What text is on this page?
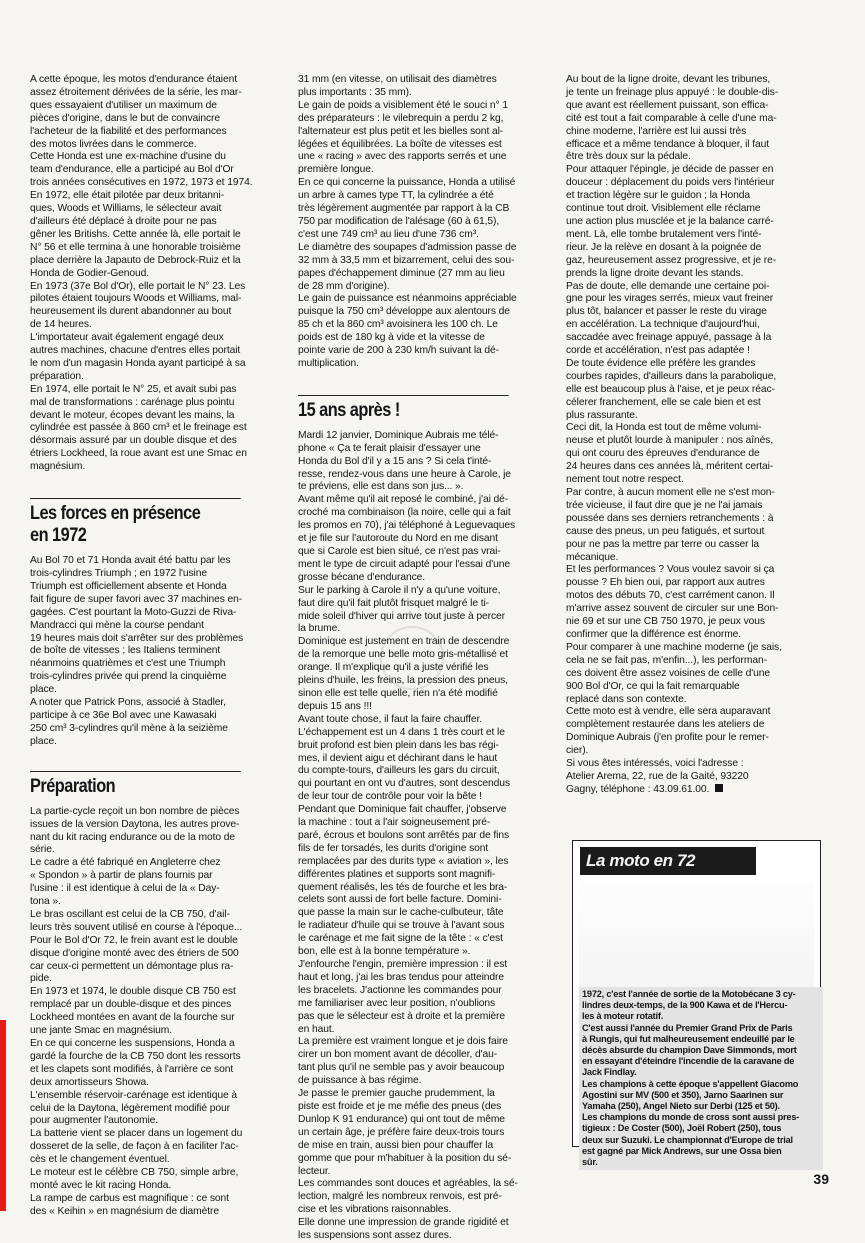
A cette époque, les motos d'endurance étaient
assez étroitement dérivées de la série, les mar-
ques essayaient d'utiliser un maximum de
pièces d'origine, dans le but de convaincre
l'acheteur de la fiabilité et des performances
des motos livrées dans le commerce.

Cette Honda est une ex-machine d'usine du
team d'endurance, elle a participé au Bol d'Or
trois années consécutives en 1972, 1973 et 1974.

En 1972, elle était pilotée par deux britanni-
ques, Woods et Williams, le sélecteur avait
d'ailleurs été déplacé à droite pour ne pas
gêner les Britishs. Cette année là, elle portait le
N° 56 et elle termina à une honorable troisième
place derrière la Japauto de Debrock-Ruiz et la
Honda de Godier-Genoud.

En 1973 (37e Bol d'Or), elle portait le N° 23. Les
pilotes étaient toujours Woods et Williams, mal-
heureusement ils durent abandonner au bout
de 14 heures.

L'importateur avait également engagé deux
autres machines, chacune d'entres elles portait
le nom d'un magasin Honda ayant participé à sa
préparation.

En 1974, elle portait le N° 25, et avait subi pas
mal de transformations : carénage plus pointu
devant le moteur, écopes devant les mains, la
cylindrée est passée à 860 cm³ et le freinage est
désormais assuré par un double disque et des
étriers Lockheed, la roue avant est une Smac en
magnésium.

Les forces en présence
en 1972

Au Bol 70 et 71 Honda avait été battu par les
trois-cylindres Triumph ; en 1972 l'usine
Triumph est officiellement absente et Honda
fait figure de super favori avec 37 machines en-
gagées. C'est pourtant la Moto-Guzzi de Riva-
Mandracci qui mène la course pendant
19 heures mais doit s'arrêter sur des problèmes
de boîte de vitesses ; les Italiens terminent
néanmoins quatrièmes et c'est une Triumph
trois-cylindres privée qui prend la cinquième
place.

A noter que Patrick Pons, associé à Stadler,
participe à ce 36e Bol avec une Kawasaki
250 cm³ 3-cylindres qu'il mène à la seizième
place.

Préparation

La partie-cycle reçoit un bon nombre de pièces
issues de la version Daytona, les autres prove-
nant du kit racing endurance ou de la moto de
série.

Le cadre a été fabriqué en Angleterre chez
« Spondon » à partir de plans fournis par
l'usine : il est identique à celui de la « Day-
tona ».

Le bras oscillant est celui de la CB 750, d'ail-
leurs très souvent utilisé en course à l'époque...

Pour le Bol d'Or 72, le frein avant est le double
disque d'origine monté avec des étriers de 500
car ceux-ci permettent un démontage plus ra-
pide.

En 1973 et 1974, le double disque CB 750 est
remplacé par un double-disque et des pinces
Lockheed montées en avant de la fourche sur
une jante Smac en magnésium.

En ce qui concerne les suspensions, Honda a
gardé la fourche de la CB 750 dont les ressorts
et les clapets sont modifiés, à l'arrière ce sont
deux amortisseurs Showa.

L'ensemble réservoir-carénage est identique à
celui de la Daytona, légèrement modifié pour
pour augmenter l'autonomie.

La batterie vient se placer dans un logement du
dosseret de la selle, de façon à en faciliter l'ac-
cès et le changement éventuel.

Le moteur est le célèbre CB 750, simple arbre,
monté avec le kit racing Honda.

La rampe de carbus est magnifique : ce sont
des « Keihin » en magnésium de diamètre

31 mm (en vitesse, on utilisait des diamètres
plus importants : 35 mm).

Le gain de poids a visiblement été le souci n° 1
des préparateurs : le vilebrequin a perdu 2 kg,
l'alternateur est plus petit et les bielles sont al-
légées et équilibrées. La boîte de vitesses est
une « racing » avec des rapports serrés et une
première longue.

En ce qui concerne la puissance, Honda a utilisé
un arbre à cames type TT, la cylindrée a été
très légèrement augmentée par rapport à la CB
750 par modification de l'alésage (60 à 61,5),
c'est une 749 cm³ au lieu d'une 736 cm³.

Le diamètre des soupapes d'admission passe de
32 mm à 33,5 mm et bizarrement, celui des sou-
papes d'échappement diminue (27 mm au lieu
de 28 mm d'origine).

Le gain de puissance est néanmoins appréciable
puisque la 750 cm³ développe aux alentours de
85 ch et la 860 cm³ avoisinera les 100 ch. Le
poids est de 180 kg à vide et la vitesse de
pointe varie de 200 à 230 km/h suivant la dé-
multiplication.

15 ans après !

Mardi 12 janvier, Dominique Aubrais me télé-
phone « Ça te ferait plaisir d'essayer une
Honda du Bol d'il y a 15 ans ? Si cela t'inté-
resse, rendez-vous dans une heure à Carole, je
te préviens, elle est dans son jus... ».

Avant même qu'il ait reposé le combiné, j'ai dé-
croché ma combinaison (la noire, celle qui a fait
les promos en 70), j'ai téléphoné à Leguevaques
et je file sur l'autoroute du Nord en me disant
que si Carole est bien situé, ce n'est pas vrai-
ment le type de circuit adapté pour l'essai d'une
grosse bécane d'endurance.

Sur le parking à Carole il n'y a qu'une voiture,
faut dire qu'il fait plutôt frisquet malgré le ti-
mide soleil d'hiver qui arrive tout juste à percer
la brume.

Dominique est justement en train de descendre
de la remorque une belle moto gris-métallisé et
orange. Il m'explique qu'il a juste vérifié les
pleins d'huile, les freins, la pression des pneus,
sinon elle est telle quelle, rien n'a été modifié
depuis 15 ans !!!

Avant toute chose, il faut la faire chauffer.
L'échappement est un 4 dans 1 très court et le
bruit profond est bien plein dans les bas régi-
mes, il devient aigu et déchirant dans le haut
du compte-tours, d'ailleurs les gars du circuit,
qui pourtant en ont vu d'autres, sont descendus
de leur tour de contrôle pour voir la bête !

Pendant que Dominique fait chauffer, j'observe
la machine : tout a l'air soigneusement pré-
paré, écrous et boulons sont arrêtés par de fins
fils de fer torsadés, les durits d'origine sont
remplacées par des durits type « aviation », les
différentes platines et supports sont magnifi-
quement réalisés, les tés de fourche et les bra-
celets sont aussi de fort belle facture. Domini-
que passe la main sur le cache-culbuteur, tâte
le radiateur d'huile qui se trouve à l'avant sous
le carénage et me fait signe de la tête : « c'est
bon, elle est à la bonne température ».

J'enfourche l'engin, première impression : il est
haut et long, j'ai les bras tendus pour atteindre
les bracelets. J'actionne les commandes pour
me familiariser avec leur position, n'oublions
pas que le sélecteur est à droite et la première
en haut.

La première est vraiment longue et je dois faire
cirer un bon moment avant de décoller, d'au-
tant plus qu'il ne semble pas y avoir beaucoup
de puissance à bas régime.

Je passe le premier gauche prudemment, la
piste est froide et je me méfie des pneus (des
Dunlop K 91 endurance) qui ont tout de même
un certain âge, je préfère faire deux-trois tours
de mise en train, aussi bien pour chauffer la
gomme que pour m'habituer à la position du sé-
lecteur.

Les commandes sont douces et agréables, la sé-
lection, malgré les nombreux renvois, est pré-
cise et les vibrations raisonnables.

Elle donne une impression de grande rigidité et
les suspensions sont assez dures.

Au bout de la ligne droite, devant les tribunes,
je tente un freinage plus appuyé : le double-dis-
que avant est réellement puissant, son effica-
cité est tout a fait comparable à celle d'une ma-
chine moderne, l'arrière est lui aussi très
efficace et a même tendance à bloquer, il faut
être très doux sur la pédale.

Pour attaquer l'épingle, je décide de passer en
douceur : déplacement du poids vers l'intérieur
et traction légère sur le guidon ; la Honda
continue tout droit. Visiblement elle réclame
une action plus musclée et je la balance carré-
ment. Là, elle tombe brutalement vers l'inté-
rieur. Je la relève en dosant à la poignée de
gaz, heureusement assez progressive, et je re-
prends la ligne droite devant les stands.

Pas de doute, elle demande une certaine poi-
gne pour les virages serrés, mieux vaut freiner
plus tôt, balancer et passer le reste du virage
en accélération. La technique d'aujourd'hui,
saccadée avec freinage appuyé, passage à la
corde et accélération, n'est pas adaptée !

De toute évidence elle préfère les grandes
courbes rapides, d'ailleurs dans la parabolique,
elle est beaucoup plus à l'aise, et je peux réac-
célerer franchement, elle se cale bien et est
plus rassurante.

Ceci dit, la Honda est tout de même volumi-
neuse et plutôt lourde à manipuler : nos aînés,
qui ont couru des épreuves d'endurance de
24 heures dans ces années là, méritent certai-
nement tout notre respect.

Par contre, à aucun moment elle ne s'est mon-
trée vicieuse, il faut dire que je ne l'ai jamais
poussée dans ses derniers retranchements : à
cause des pneus, un peu fatigués, et surtout
pour ne pas la mettre par terre ou casser la
mécanique.

Et les performances ? Vous voulez savoir si ça
pousse ? Eh bien oui, par rapport aux autres
motos des débuts 70, c'est carrément canon. Il
m'arrive assez souvent de circuler sur une Bon-
nie 69 et sur une CB 750 1970, je peux vous
confirmer que la différence est énorme.

Pour comparer à une machine moderne (je sais,
cela ne se fait pas, m'enfin...), les performan-
ces doivent être assez voisines de celle d'une
900 Bol d'Or, ce qui la fait remarquable
replacé dans son contexte.

Cette moto est à vendre, elle sera auparavant
complètement restaurée dans les ateliers de
Dominique Aubrais (j'en profite pour le remer-
cier).

Si vous êtes intéressés, voici l'adresse :
Atelier Arema, 22, rue de la Gaité, 93220
Gagny, téléphone : 43.09.61.00.

La moto en 72

1972, c'est l'année de sortie de la Motobécane 3 cy-
lindres deux-temps, de la 900 Kawa et de l'Hercu-
les à moteur rotatif.
C'est aussi l'année du Premier Grand Prix de Paris
à Rungis, qui fut malheureusement endeuillé par le
décès absurde du champion Dave Simmonds, mort
en essayant d'éteindre l'incendie de la caravane de
Jack Findlay.
Les champions à cette époque s'appellent Giacomo
Agostini sur MV (500 et 350), Jarno Saarinen sur
Yamaha (250), Angel Nieto sur Derbi (125 et 50).
Les champions du monde de cross sont aussi pres-
tigieux : De Coster (500), Joël Robert (250), tous
deux sur Suzuki. Le championnat d'Europe de trial
est gagné par Mick Andrews, sur une Ossa bien
sûr.

39
